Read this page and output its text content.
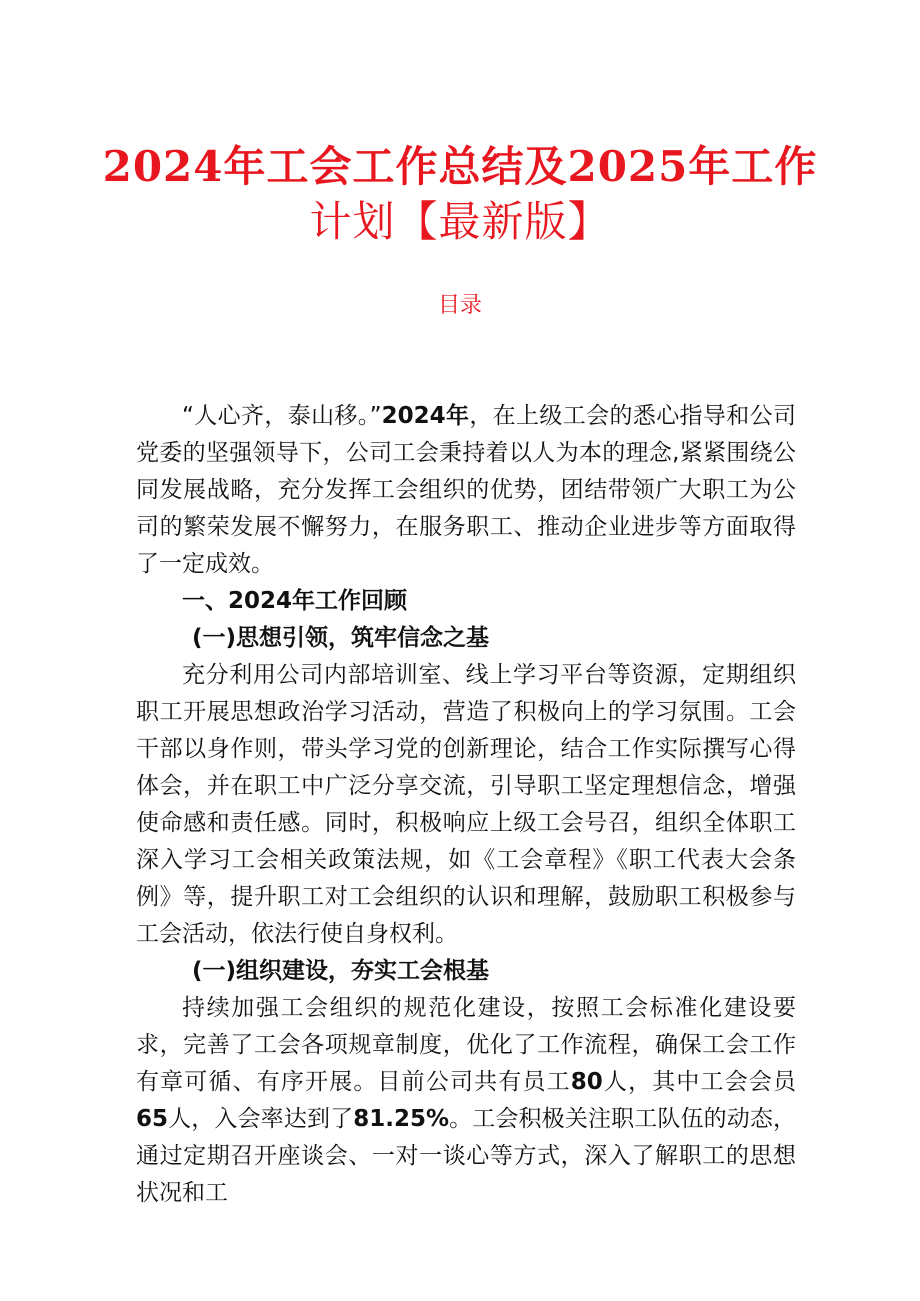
2024年工会工作总结及2025年工作
计划【最新版】
目录

“人心齐，泰山移。”2024年，在上级工会的悉心指导和公司党委的坚强领导下，公司工会秉持着以人为本的理念,紧紧围绕公同发展战略，充分发挥工会组织的优势，团结带领广大职工为公司的繁荣发展不懈努力，在服务职工、推动企业进步等方面取得了一定成效。

一、2024年工作回顾

(一)思想引领，筑牢信念之基

充分利用公司内部培训室、线上学习平台等资源，定期组织职工开展思想政治学习活动，营造了积极向上的学习氛围。工会干部以身作则，带头学习党的创新理论，结合工作实际撰写心得体会，并在职工中广泛分享交流，引导职工坚定理想信念，增强使命感和责任感。同时，积极响应上级工会号召，组织全体职工深入学习工会相关政策法规，如《工会章程》《职工代表大会条例》等，提升职工对工会组织的认识和理解，鼓励职工积极参与工会活动，依法行使自身权利。

(一)组织建设，夯实工会根基

持续加强工会组织的规范化建设，按照工会标准化建设要求，完善了工会各项规章制度，优化了工作流程，确保工会工作有章可循、有序开展。目前公司共有员工80人，其中工会会员65人，入会率达到了81.25%。工会积极关注职工队伍的动态，通过定期召开座谈会、一对一谈心等方式，深入了解职工的思想状况和工
